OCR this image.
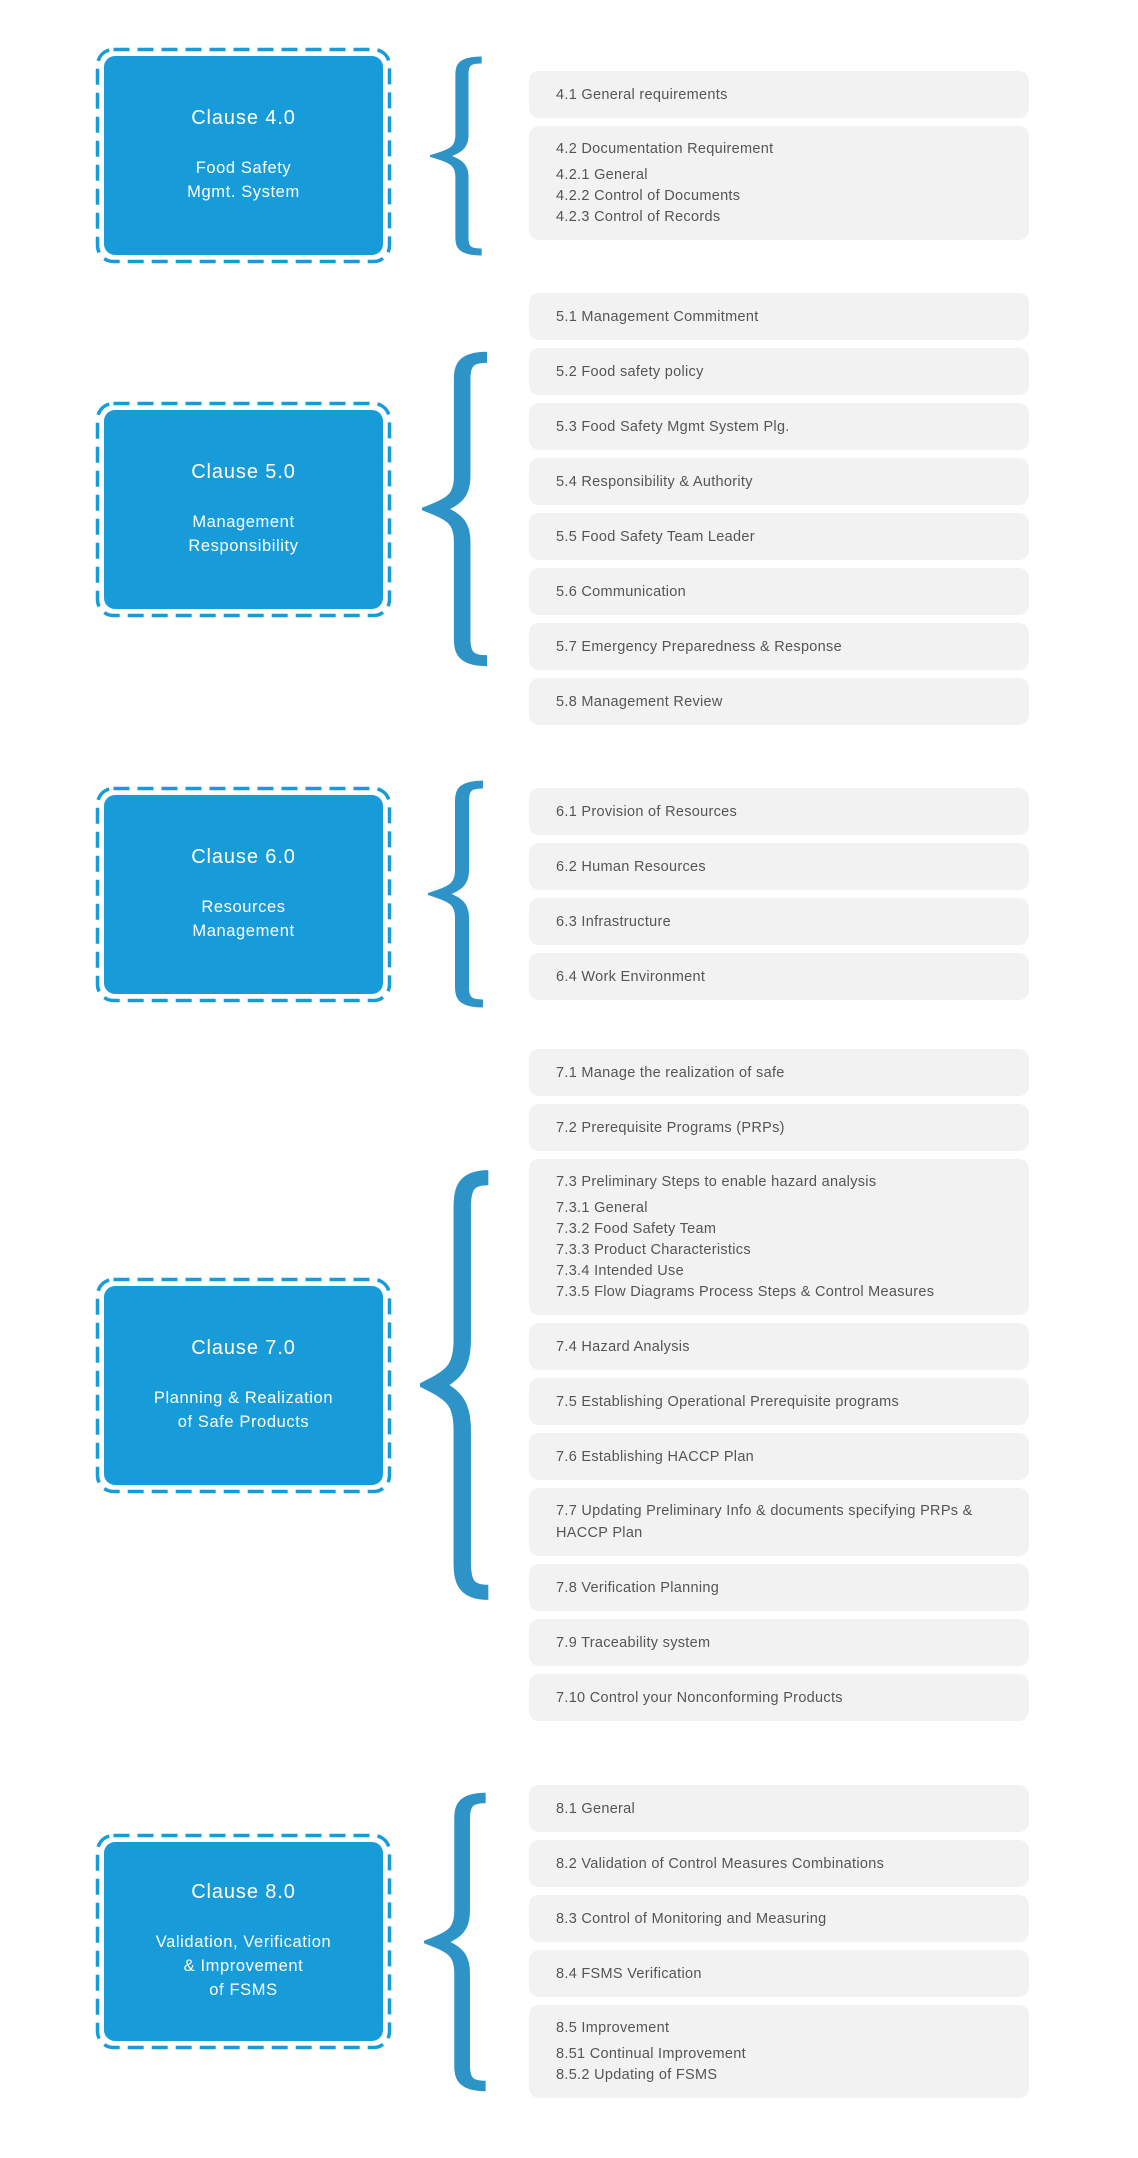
Clause 4.0
Food Safety
Mgmt. System
4.1 General requirements
4.2 Documentation Requirement
4.2.1 General
4.2.2 Control of Documents
4.2.3 Control of Records
Clause 5.0
Management
Responsibility
5.1 Management Commitment
5.2 Food safety policy
5.3 Food Safety Mgmt System Plg.
5.4 Responsibility & Authority
5.5 Food Safety Team Leader
5.6 Communication
5.7 Emergency Preparedness & Response
5.8 Management Review
Clause 6.0
Resources
Management
6.1 Provision of Resources
6.2 Human Resources
6.3 Infrastructure
6.4 Work Environment
Clause 7.0
Planning & Realization
of Safe Products
7.1 Manage the realization of safe
7.2 Prerequisite Programs (PRPs)
7.3 Preliminary Steps to enable hazard analysis
7.3.1 General
7.3.2 Food Safety Team
7.3.3 Product Characteristics
7.3.4 Intended Use
7.3.5 Flow Diagrams Process Steps & Control Measures
7.4 Hazard Analysis
7.5 Establishing Operational Prerequisite programs
7.6 Establishing HACCP Plan
7.7 Updating Preliminary Info & documents specifying PRPs & HACCP Plan
7.8 Verification Planning
7.9 Traceability system
7.10 Control your Nonconforming Products
Clause 8.0
Validation, Verification
& Improvement
of FSMS
8.1 General
8.2 Validation of Control Measures Combinations
8.3 Control of Monitoring and Measuring
8.4 FSMS Verification
8.5 Improvement
8.51 Continual Improvement
8.5.2 Updating of FSMS
